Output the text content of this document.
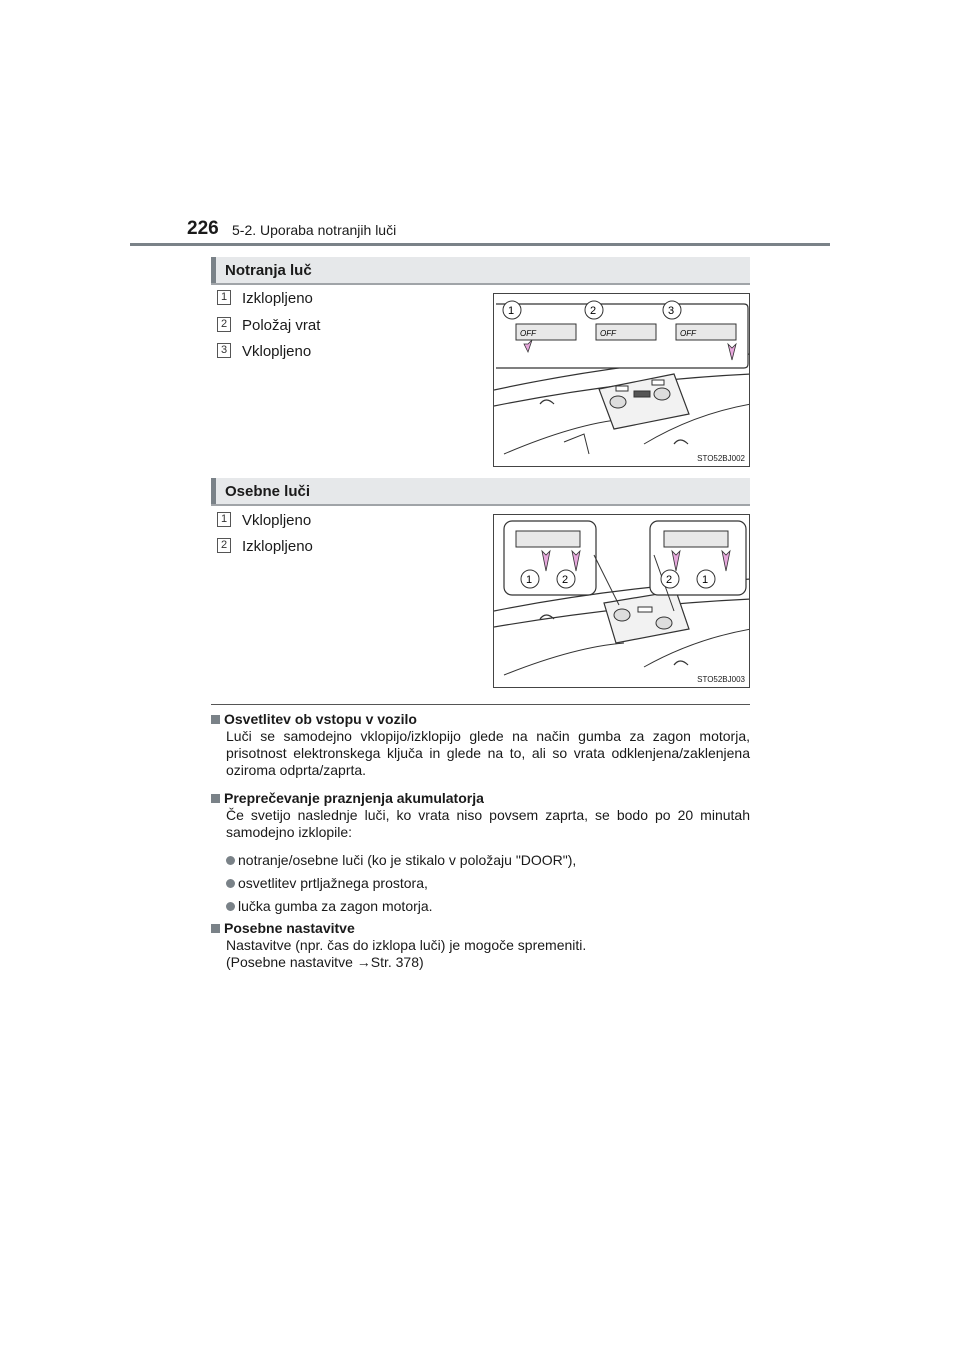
226 5-2. Uporaba notranjih luči
Notranja luč
1 Izklopljeno
2 Položaj vrat
3 Vklopljeno
OFF	OFF	OFF
1	2	3
STO52BJ002
Osebne luči
1 Vklopljeno
2 Izklopljeno
1	2	2	1
STO52BJ003
Osvetlitev ob vstopu v vozilo
Luči se samodejno vklopijo/izklopijo glede na način gumba za zagon motorja, prisotnost elektronskega ključa in glede na to, ali so vrata odklenjena/zaklenjena oziroma odprta/zaprta.
Preprečevanje praznjenja akumulatorja
Če svetijo naslednje luči, ko vrata niso povsem zaprta, se bodo po 20 minutah samodejno izklopile:
notranje/osebne luči (ko je stikalo v položaju "DOOR"),
osvetlitev prtljažnega prostora,
lučka gumba za zagon motorja.
Posebne nastavitve
Nastavitve (npr. čas do izklopa luči) je mogoče spremeniti.
(Posebne nastavitve →Str. 378)
